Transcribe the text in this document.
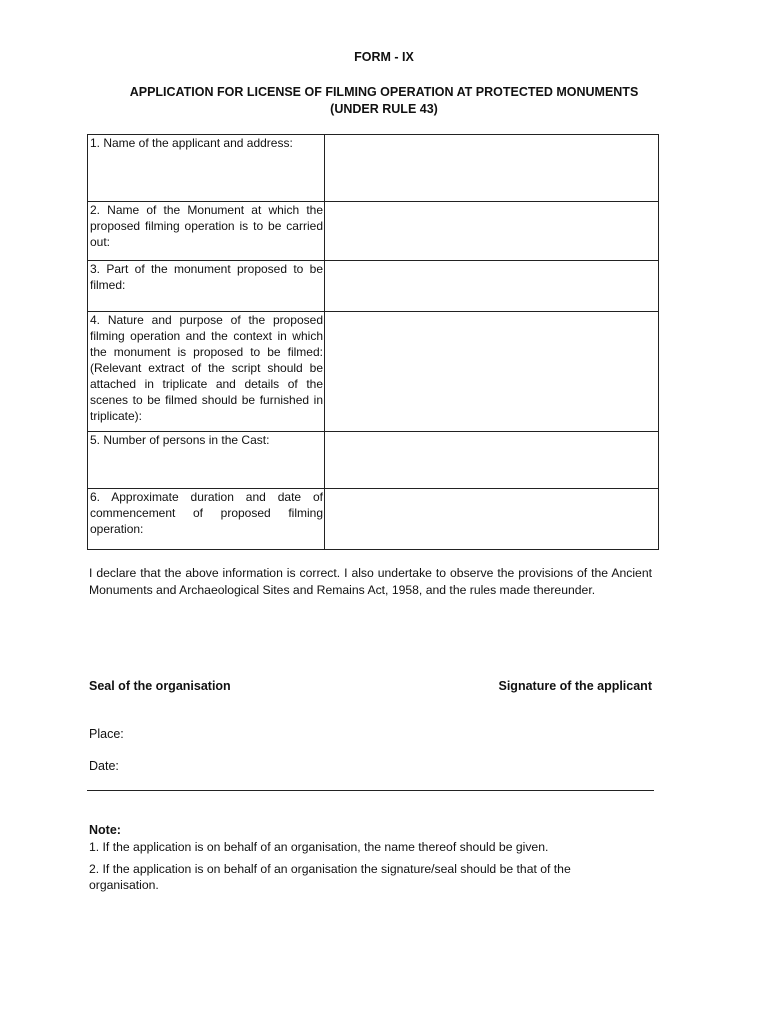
FORM - IX
APPLICATION FOR LICENSE OF FILMING OPERATION AT PROTECTED MONUMENTS
(UNDER RULE 43)
1. Name of the applicant and address:	
2. Name of the Monument at which the proposed filming operation is to be carried out:	
3. Part of the monument proposed to be filmed:	
4. Nature and purpose of the proposed filming operation and the context in which the monument is proposed to be filmed: (Relevant extract of the script should be attached in triplicate and details of the scenes to be filmed should be furnished in triplicate):	
5. Number of persons in the Cast:	
6. Approximate duration and date of commencement of proposed filming operation:	
I declare that the above information is correct. I also undertake to observe the provisions of the Ancient Monuments and Archaeological Sites and Remains Act, 1958, and the rules made thereunder.
Seal of the organisation	Signature of the applicant
Place:
Date:
Note:
1. If the application is on behalf of an organisation, the name thereof should be given.
2. If the application is on behalf of an organisation the signature/seal should be that of the organisation.
